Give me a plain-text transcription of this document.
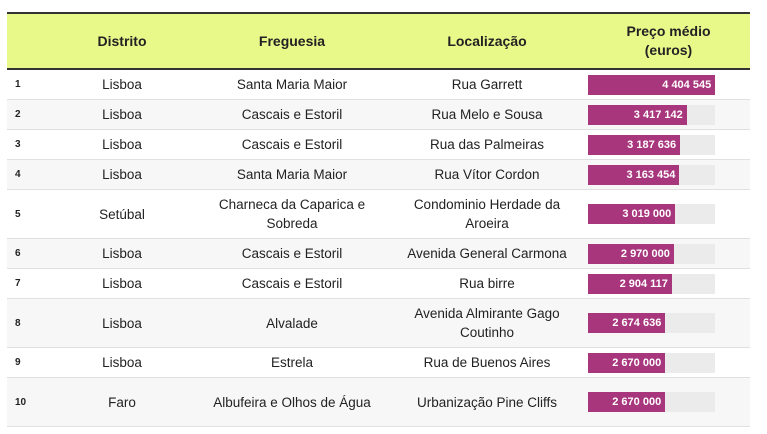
	Distrito	Freguesia	Localização	Preço médio
(euros)
1	Lisboa	Santa Maria Maior	Rua Garrett	4 404 545

2	Lisboa	Cascais e Estoril	Rua Melo e Sousa	3 417 142

3	Lisboa	Cascais e Estoril	Rua das Palmeiras	3 187 636

4	Lisboa	Santa Maria Maior	Rua Vítor Cordon	3 163 454

5	Setúbal	Charneca da Caparica e Sobreda	Condominio Herdade da Aroeira	3 019 000

6	Lisboa	Cascais e Estoril	Avenida General Carmona	2 970 000

7	Lisboa	Cascais e Estoril	Rua birre	2 904 117

8	Lisboa	Alvalade	Avenida Almirante Gago Coutinho	2 674 636

9	Lisboa	Estrela	Rua de Buenos Aires	2 670 000

10	Faro	Albufeira e Olhos de Água	Urbanização Pine Cliffs	2 670 000
